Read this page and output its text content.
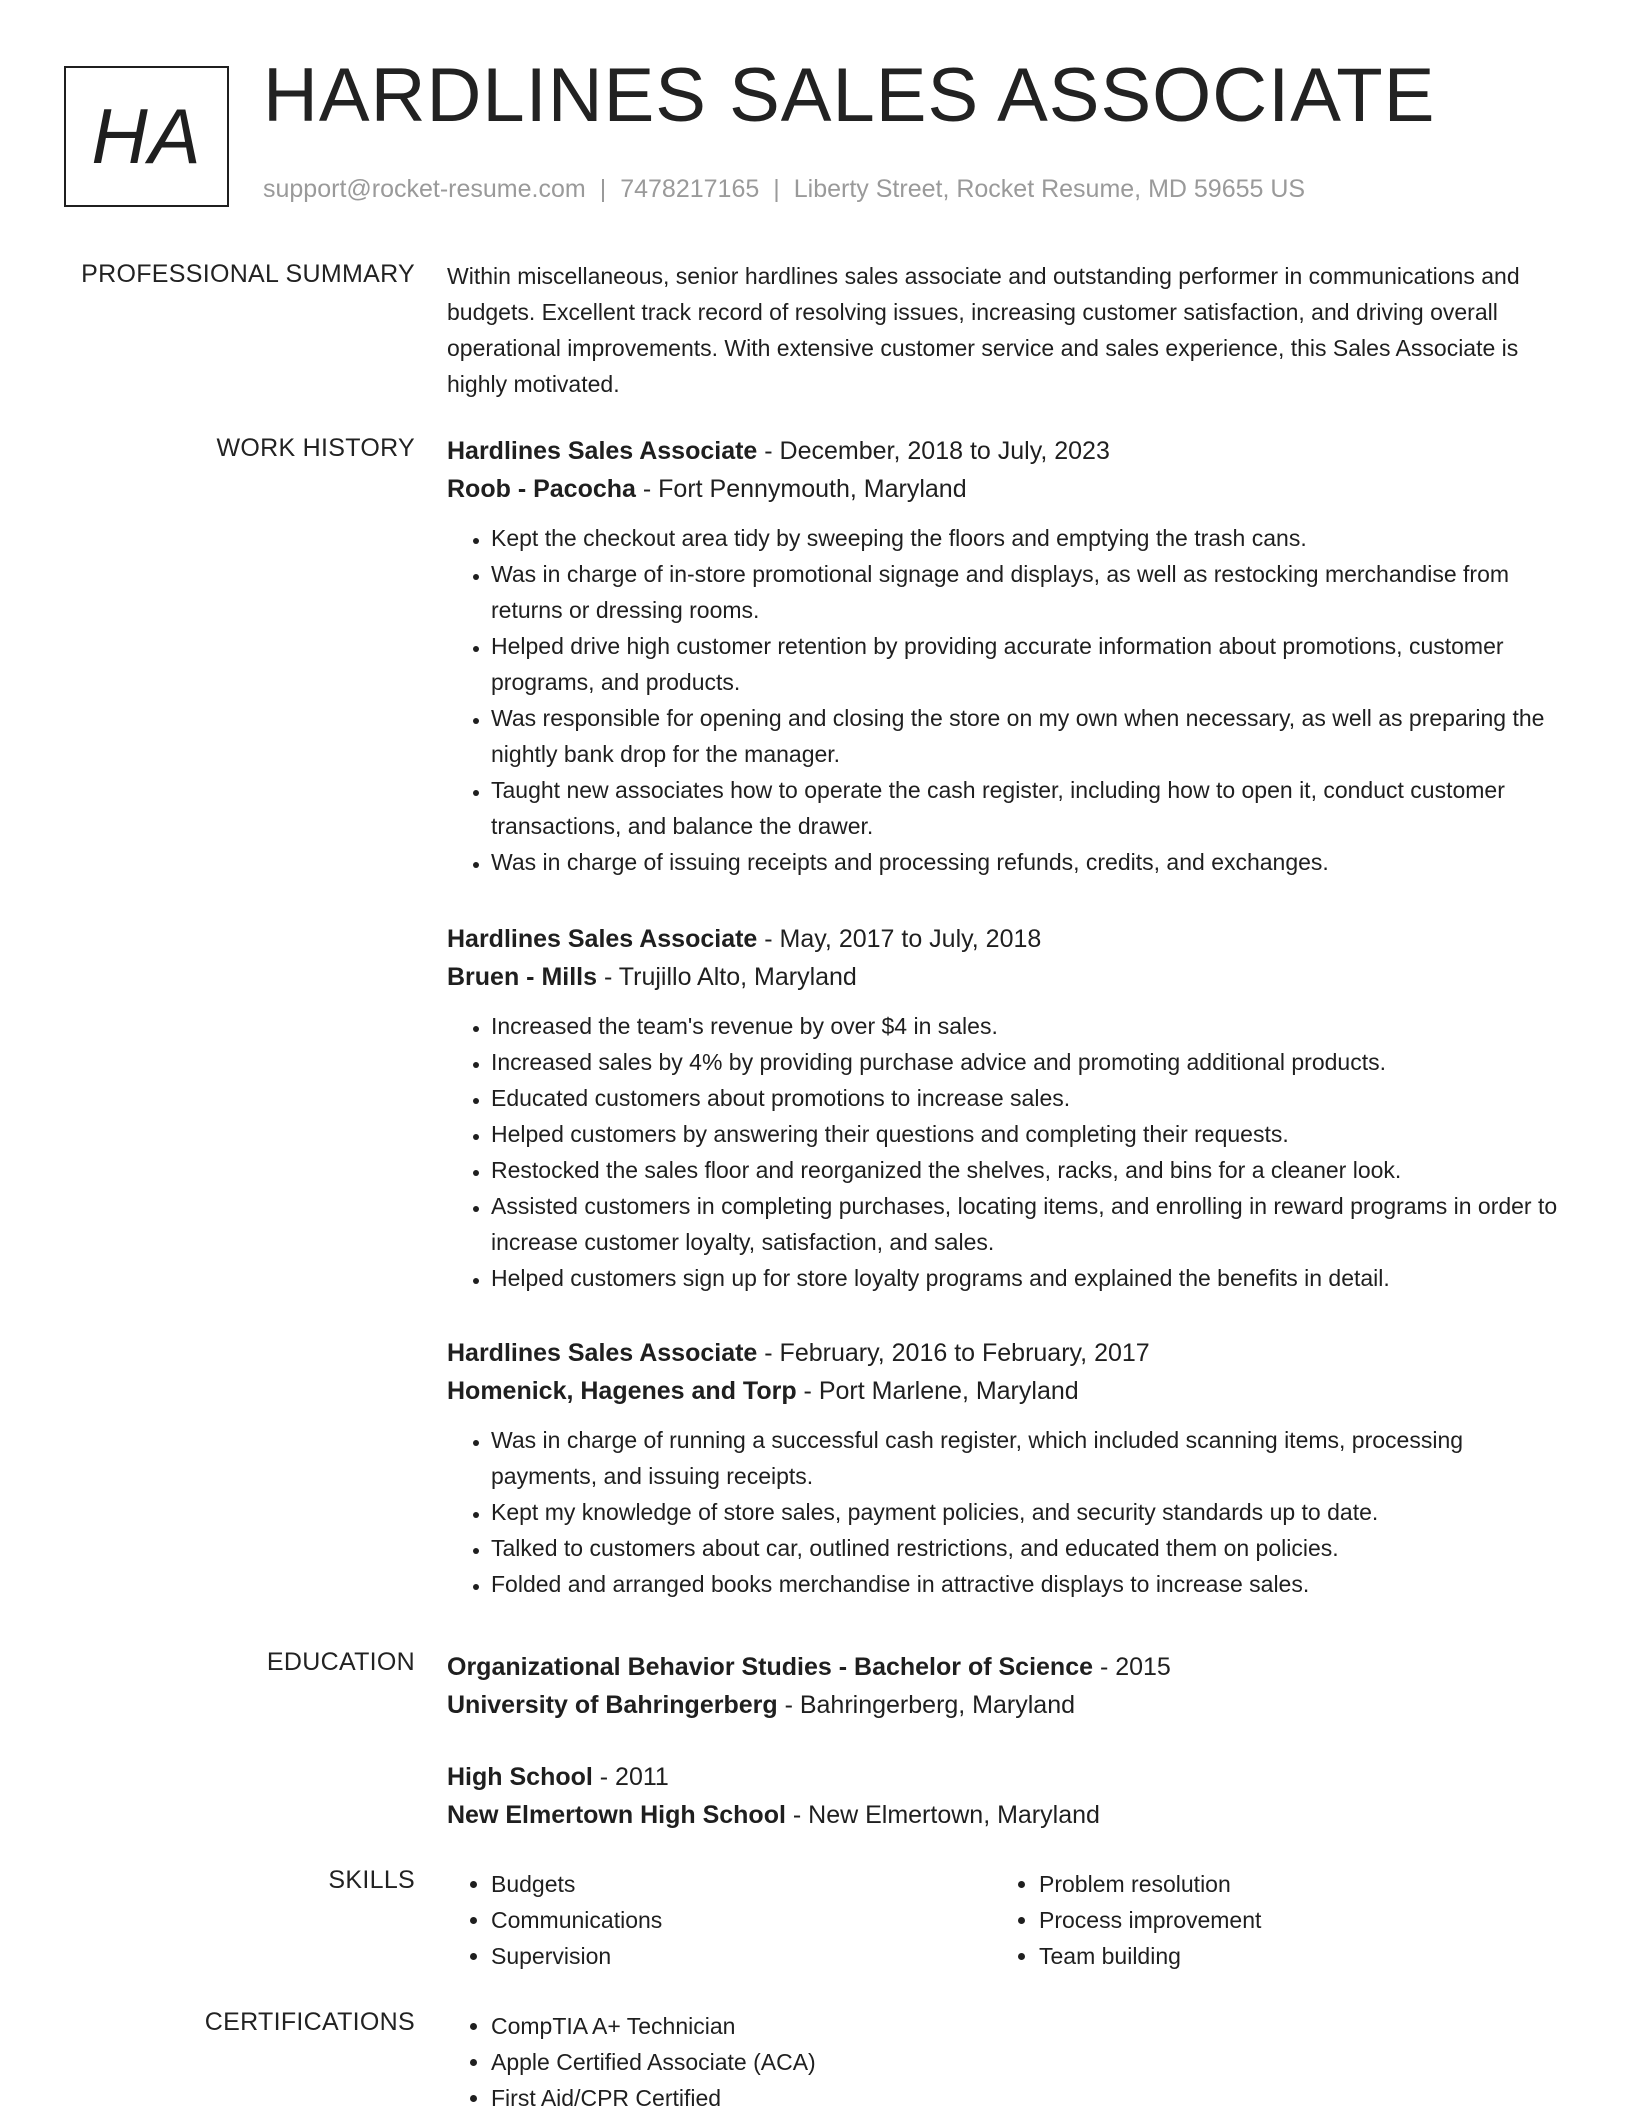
HA HARDLINES SALES ASSOCIATE
support@rocket-resume.com | 7478217165 | Liberty Street, Rocket Resume, MD 59655 US
PROFESSIONAL SUMMARY Within miscellaneous, senior hardlines sales associate and outstanding performer in communications and budgets. Excellent track record of resolving issues, increasing customer satisfaction, and driving overall operational improvements. With extensive customer service and sales experience, this Sales Associate is highly motivated.

WORK HISTORY Hardlines Sales Associate - December, 2018 to July, 2023
Roob - Pacocha - Fort Pennymouth, Maryland
• Kept the checkout area tidy by sweeping the floors and emptying the trash cans.
• Was in charge of in-store promotional signage and displays, as well as restocking merchandise from returns or dressing rooms.
• Helped drive high customer retention by providing accurate information about promotions, customer programs, and products.
• Was responsible for opening and closing the store on my own when necessary, as well as preparing the nightly bank drop for the manager.
• Taught new associates how to operate the cash register, including how to open it, conduct customer transactions, and balance the drawer.
• Was in charge of issuing receipts and processing refunds, credits, and exchanges.
Hardlines Sales Associate - May, 2017 to July, 2018
Bruen - Mills - Trujillo Alto, Maryland
• Increased the team's revenue by over $4 in sales.
• Increased sales by 4% by providing purchase advice and promoting additional products.
• Educated customers about promotions to increase sales.
• Helped customers by answering their questions and completing their requests.
• Restocked the sales floor and reorganized the shelves, racks, and bins for a cleaner look.
• Assisted customers in completing purchases, locating items, and enrolling in reward programs in order to increase customer loyalty, satisfaction, and sales.
• Helped customers sign up for store loyalty programs and explained the benefits in detail.
Hardlines Sales Associate - February, 2016 to February, 2017
Homenick, Hagenes and Torp - Port Marlene, Maryland
• Was in charge of running a successful cash register, which included scanning items, processing payments, and issuing receipts.
• Kept my knowledge of store sales, payment policies, and security standards up to date.
• Talked to customers about car, outlined restrictions, and educated them on policies.
• Folded and arranged books merchandise in attractive displays to increase sales.
EDUCATION Organizational Behavior Studies - Bachelor of Science - 2015
University of Bahringerberg - Bahringerberg, Maryland
High School - 2011
New Elmertown High School - New Elmertown, Maryland
SKILLS	• Budgets
• Communications
• Supervision
• Problem resolution
• Process improvement
• Team building
CERTIFICATIONS	• CompTIA A+ Technician
• Apple Certified Associate (ACA)
• First Aid/CPR Certified
